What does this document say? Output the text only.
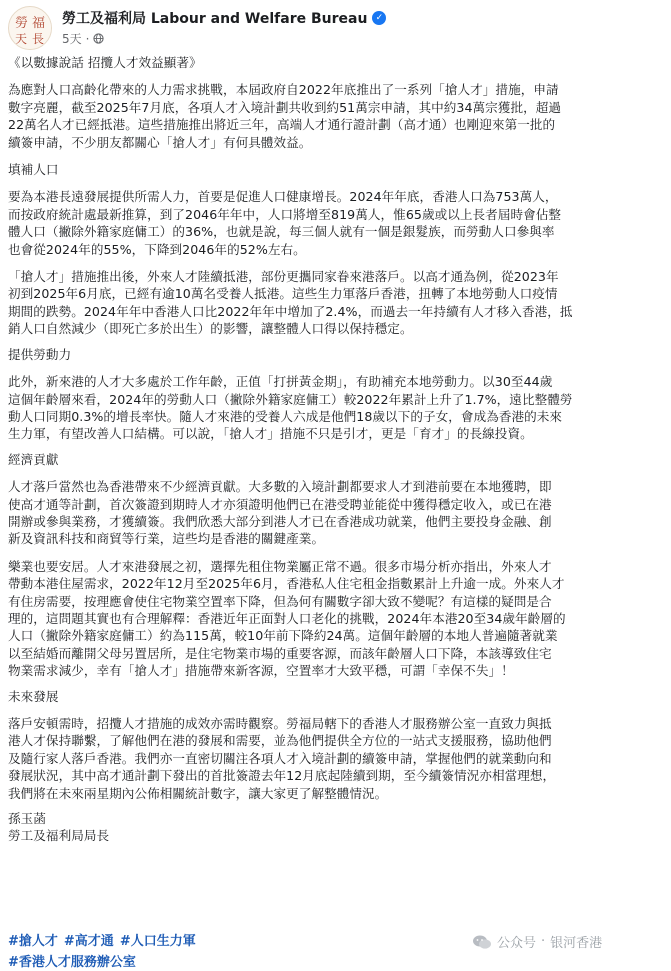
勞 福
天 長
勞工及福利局 Labour and Welfare Bureau ✓
5天 ·

《以數據說話 招攬人才效益顯著》

為應對人口高齡化帶來的人力需求挑戰，本屆政府自2022年底推出了一系列「搶人才」措施，申請

數字亮麗，截至2025年7月底，各項人才入境計劃共收到約51萬宗申請，其中約34萬宗獲批，超過

22萬名人才已經抵港。這些措施推出將近三年，高端人才通行證計劃（高才通）也剛迎來第一批的

續簽申請，不少朋友都關心「搶人才」有何具體效益。

填補人口

要為本港長遠發展提供所需人力，首要是促進人口健康增長。2024年年底，香港人口為753萬人，

而按政府統計處最新推算，到了2046年年中，人口將增至819萬人，惟65歲或以上長者屆時會佔整

體人口（撇除外籍家庭傭工）的36%，也就是說，每三個人就有一個是銀髮族，而勞動人口參與率

也會從2024年的55%，下降到2046年的52%左右。

「搶人才」措施推出後，外來人才陸續抵港，部份更攜同家眷來港落戶。以高才通為例，從2023年

初到2025年6月底，已經有逾10萬名受養人抵港。這些生力軍落戶香港，扭轉了本地勞動人口疫情

期間的跌勢。2024年年中香港人口比2022年年中增加了2.4%，而過去一年持續有人才移入香港，抵

銷人口自然減少（即死亡多於出生）的影響，讓整體人口得以保持穩定。

提供勞動力

此外，新來港的人才大多處於工作年齡，正值「打拼黃金期」，有助補充本地勞動力。以30至44歲

這個年齡層來看，2024年的勞動人口（撇除外籍家庭傭工）較2022年累計上升了1.7%，遠比整體勞

動人口同期0.3%的增長率快。隨人才來港的受養人六成是他們18歲以下的子女，會成為香港的未來

生力軍，有望改善人口結構。可以說，「搶人才」措施不只是引才，更是「育才」的長線投資。

經濟貢獻

人才落戶當然也為香港帶來不少經濟貢獻。大多數的入境計劃都要求人才到港前要在本地獲聘，即

使高才通等計劃，首次簽證到期時人才亦須證明他們已在港受聘並能從中獲得穩定收入，或已在港

開辦或參與業務，才獲續簽。我們欣悉大部分到港人才已在香港成功就業，他們主要投身金融、創

新及資訊科技和商貿等行業，這些均是香港的關鍵產業。

樂業也要安居。人才來港發展之初，選擇先租住物業屬正常不過。很多市場分析亦指出，外來人才

帶動本港住屋需求，2022年12月至2025年6月，香港私人住宅租金指數累計上升逾一成。外來人才

有住房需要，按理應會使住宅物業空置率下降，但為何有關數字卻大致不變呢？有這樣的疑問是合

理的，這問題其實也有合理解釋：香港近年正面對人口老化的挑戰，2024年本港20至34歲年齡層的

人口（撇除外籍家庭傭工）約為115萬，較10年前下降約24萬。這個年齡層的本地人普遍隨著就業

以至結婚而離開父母另置居所，是住宅物業市場的重要客源，而該年齡層人口下降，本該導致住宅

物業需求減少，幸有「搶人才」措施帶來新客源，空置率才大致平穩，可謂「幸保不失」！

未來發展

落戶安頓需時，招攬人才措施的成效亦需時觀察。勞福局轄下的香港人才服務辦公室一直致力與抵

港人才保持聯繫，了解他們在港的發展和需要，並為他們提供全方位的一站式支援服務，協助他們

及隨行家人落戶香港。我們亦一直密切關注各項人才入境計劃的續簽申請，掌握他們的就業動向和

發展狀況，其中高才通計劃下發出的首批簽證去年12月底起陸續到期，至今續簽情況亦相當理想，

我們將在未來兩星期內公佈相關統計數字，讓大家更了解整體情況。

孫玉菡

勞工及福利局局長

#搶人才 #高才通 #人口生力軍
#香港人才服務辦公室
公众号 · 银河香港
